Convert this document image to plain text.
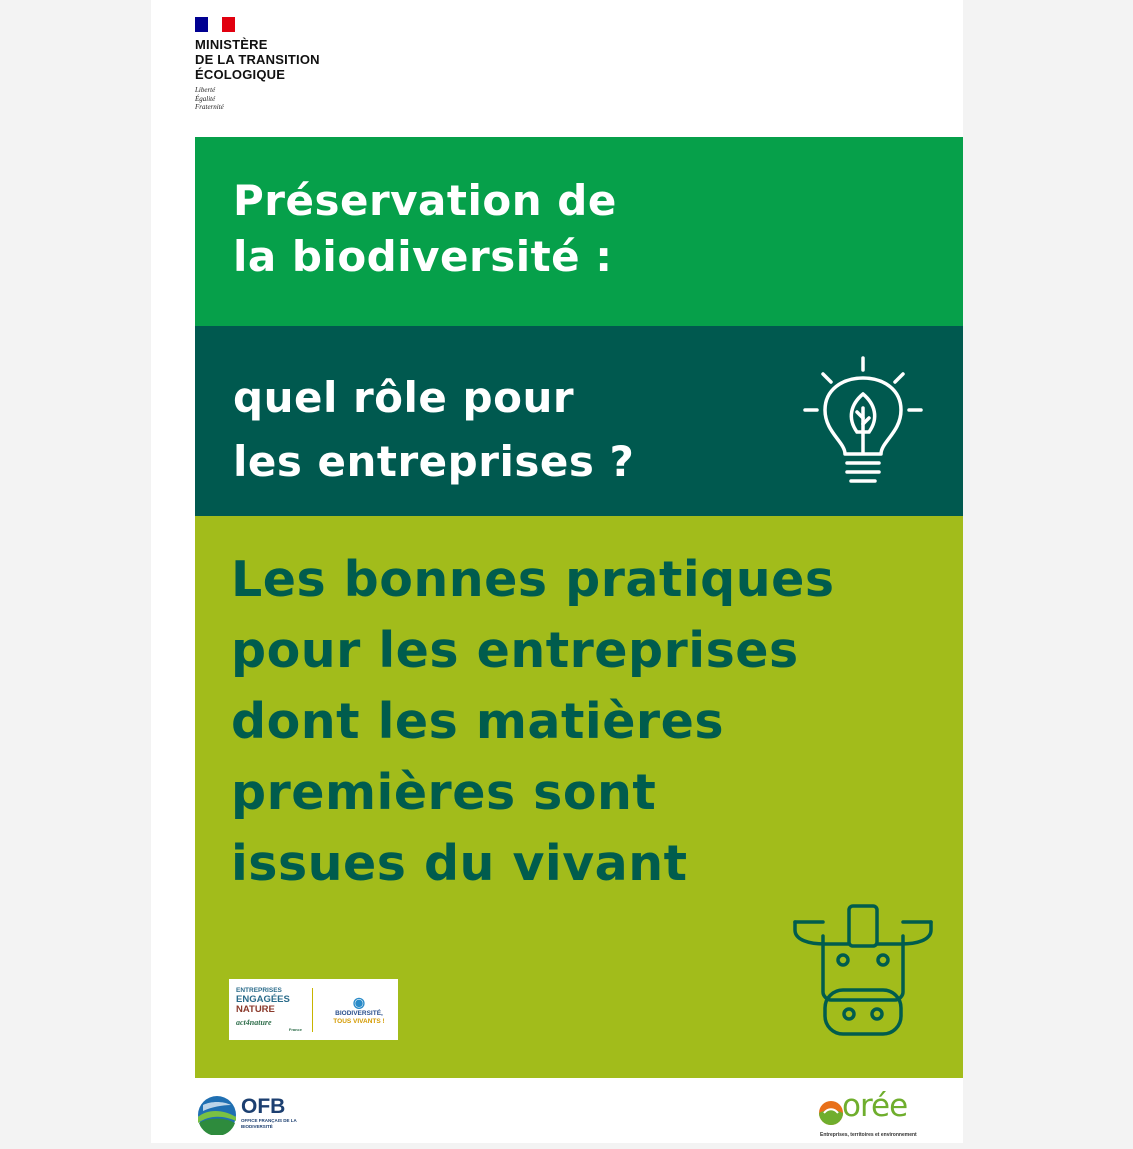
MINISTÈRE
DE LA TRANSITION
ÉCOLOGIQUE
Liberté
Égalité
Fraternité
Préservation de
la biodiversité :
quel rôle pour
les entreprises ?
Les bonnes pratiques
pour les entreprises
dont les matières
premières sont
issues du vivant
ENTREPRISES
ENGAGÉES
NATURE
act4nature
France
◉
BIODIVERSITÉ,
TOUS VIVANTS !
OFB
OFFICE FRANÇAIS DE LA BIODIVERSITÉ
orée
Entreprises, territoires et environnement
